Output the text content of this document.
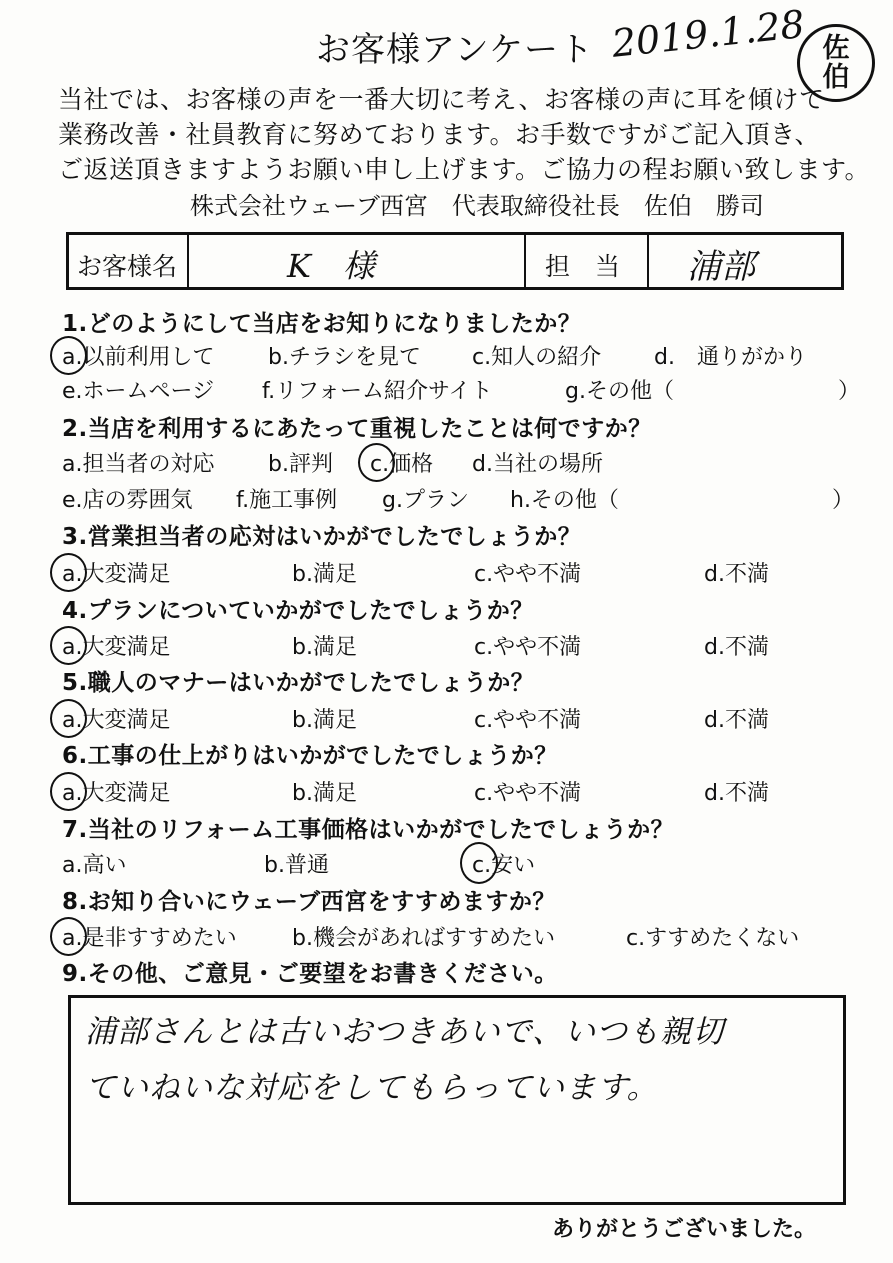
お客様アンケート 2019.1.28 佐
伯
当社では、お客様の声を一番大切に考え、お客様の声に耳を傾けて
業務改善・社員教育に努めております。お手数ですがご記入頂き、
ご返送頂きますようお願い申し上げます。ご協力の程お願い致します。
株式会社ウェーブ西宮　代表取締役社長　佐伯　勝司
お客様名	K　様	担　当 浦部
1.どのようにして当店をお知りになりましたか？
a.以前利用して b.チラシを見て c.知人の紹介 d.　通りがかり
e.ホームページ f.リフォーム紹介サイト	g.その他（	）
2.当店を利用するにあたって重視したことは何ですか？
a.担当者の対応 b.評判 c.価格 d.当社の場所
e.店の雰囲気 f.施工事例 g.プラン h.その他（	）
3.営業担当者の応対はいかがでしたでしょうか？
a.大変満足	b.満足	c.やや不満	d.不満
4.プランについていかがでしたでしょうか？
a.大変満足	b.満足	c.やや不満	d.不満
5.職人のマナーはいかがでしたでしょうか？
a.大変満足	b.満足	c.やや不満	d.不満
6.工事の仕上がりはいかがでしたでしょうか？
a.大変満足	b.満足	c.やや不満	d.不満
7.当社のリフォーム工事価格はいかがでしたでしょうか？
a.高い	b.普通	c.安い
8.お知り合いにウェーブ西宮をすすめますか？
a.是非すすめたい	b.機会があればすすめたい	c.すすめたくない
9.その他、ご意見・ご要望をお書きください。
浦部さんとは古いおつきあいで、いつも親切
ていねいな対応をしてもらっています。
ありがとうございました。
